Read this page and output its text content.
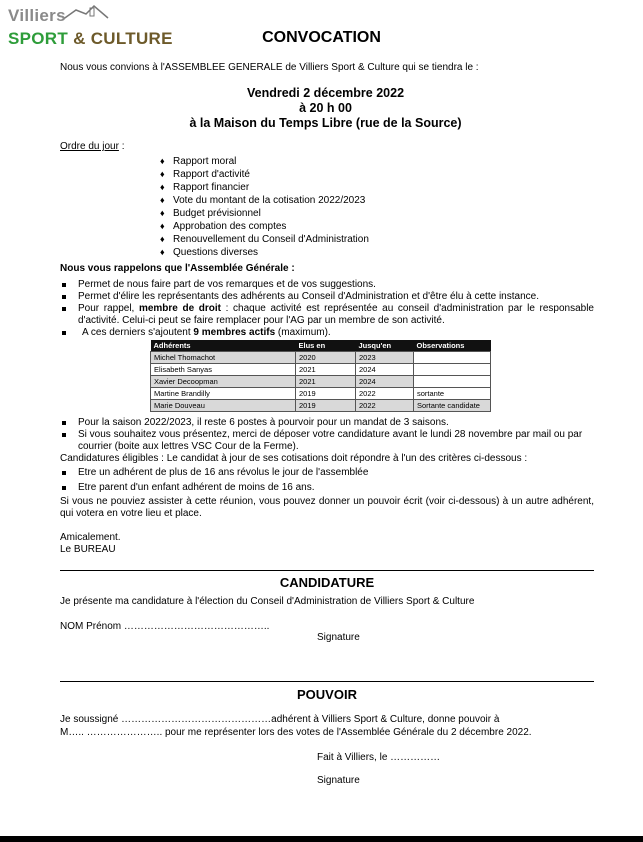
Villiers
SPORT & CULTURE	CONVOCATION
Nous vous convions à l'ASSEMBLEE GENERALE de Villiers Sport & Culture qui se tiendra le :
Vendredi 2 décembre 2022
à 20 h 00
à la Maison du Temps Libre (rue de la Source)
Ordre du jour :
♦ Rapport moral
♦ Rapport d'activité
♦ Rapport financier
♦ Vote du montant de la cotisation 2022/2023
♦ Budget prévisionnel
♦ Approbation des comptes
♦ Renouvellement du Conseil d'Administration
♦ Questions diverses
Nous vous rappelons que l'Assemblée Générale :
Permet de nous faire part de vos remarques et de vos suggestions.
Permet d'élire les représentants des adhérents au Conseil d'Administration et d'être élu à cette instance.
Pour rappel, membre de droit : chaque activité est représentée au conseil d'administration par le responsable d'activité. Celui-ci peut se faire remplacer pour l'AG par un membre de son activité.
A ces derniers s'ajoutent 9 membres actifs (maximum).
Adhérents	Elus en	Jusqu'en	Observations
Michel Thomachot	2020	2023	
Elisabeth Sanyas	2021	2024	
Xavier Decoopman	2021	2024	
Martine Brandilly	2019	2022	sortante
Marie Douveau	2019	2022	Sortante candidate
Pour la saison 2022/2023, il reste 6 postes à pourvoir pour un mandat de 3 saisons.
Si vous souhaitez vous présentez, merci de déposer votre candidature avant le lundi 28 novembre par mail ou par courrier (boite aux lettres VSC Cour de la Ferme).
Candidatures éligibles : Le candidat à jour de ses cotisations doit répondre à l'un des critères ci-dessous :
Etre un adhérent de plus de 16 ans révolus le jour de l'assemblée
Etre parent d'un enfant adhérent de moins de 16 ans.
Si vous ne pouviez assister à cette réunion, vous pouvez donner un pouvoir écrit (voir ci-dessous) à un autre adhérent, qui votera en votre lieu et place.
Amicalement.
Le BUREAU
CANDIDATURE
Je présente ma candidature à l'élection du Conseil d'Administration de Villiers Sport & Culture
NOM Prénom ……………………………………..
Signature
POUVOIR
Je soussigné ………………………………………adhérent à Villiers Sport & Culture, donne pouvoir à
M….. ………………….. pour me représenter lors des votes de l'Assemblée Générale du 2 décembre 2022.
Fait à Villiers, le ……………
Signature
